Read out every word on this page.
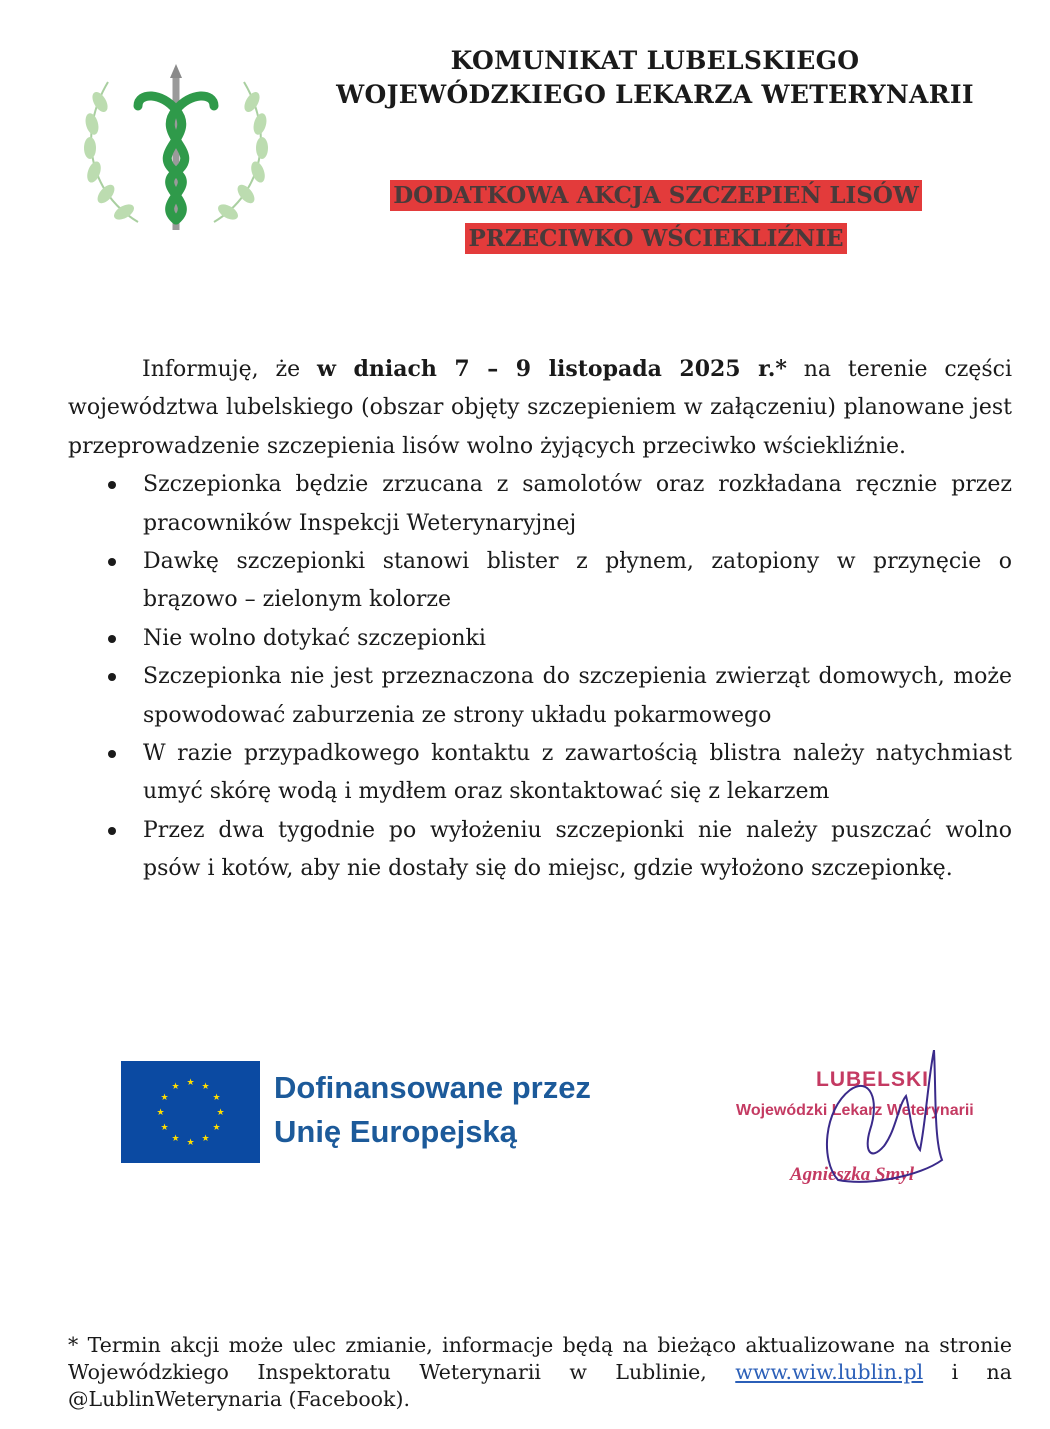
KOMUNIKAT LUBELSKIEGO
WOJEWÓDZKIEGO LEKARZA WETERYNARII
DODATKOWA AKCJA SZCZEPIEŃ LISÓW
PRZECIWKO WŚCIEKLIŹNIE

Informuję, że w dniach 7 – 9 listopada 2025 r.* na terenie części województwa lubelskiego (obszar objęty szczepieniem w załączeniu) planowane jest przeprowadzenie szczepienia lisów wolno żyjących przeciwko wściekliźnie.

Szczepionka będzie zrzucana z samolotów oraz rozkładana ręcznie przez pracowników Inspekcji Weterynaryjnej
Dawkę szczepionki stanowi blister z płynem, zatopiony w przynęcie o brązowo – zielonym kolorze
Nie wolno dotykać szczepionki
Szczepionka nie jest przeznaczona do szczepienia zwierząt domowych, może spowodować zaburzenia ze strony układu pokarmowego
W razie przypadkowego kontaktu z zawartością blistra należy natychmiast umyć skórę wodą i mydłem oraz skontaktować się z lekarzem
Przez dwa tygodnie po wyłożeniu szczepionki nie należy puszczać wolno psów i kotów, aby nie dostały się do miejsc, gdzie wyłożono szczepionkę.
★ ★
★
★
★
★
★
★
★
★
★
★	Dofinansowane przez
Unię Europejską
LUBELSKI
Wojewódzki Lekarz Weterynarii
Agnieszka Smyl
* Termin akcji może ulec zmianie, informacje będą na bieżąco aktualizowane na stronie Wojewódzkiego Inspektoratu Weterynarii w Lublinie, www.wiw.lublin.pl i na @LublinWeterynaria (Facebook).
